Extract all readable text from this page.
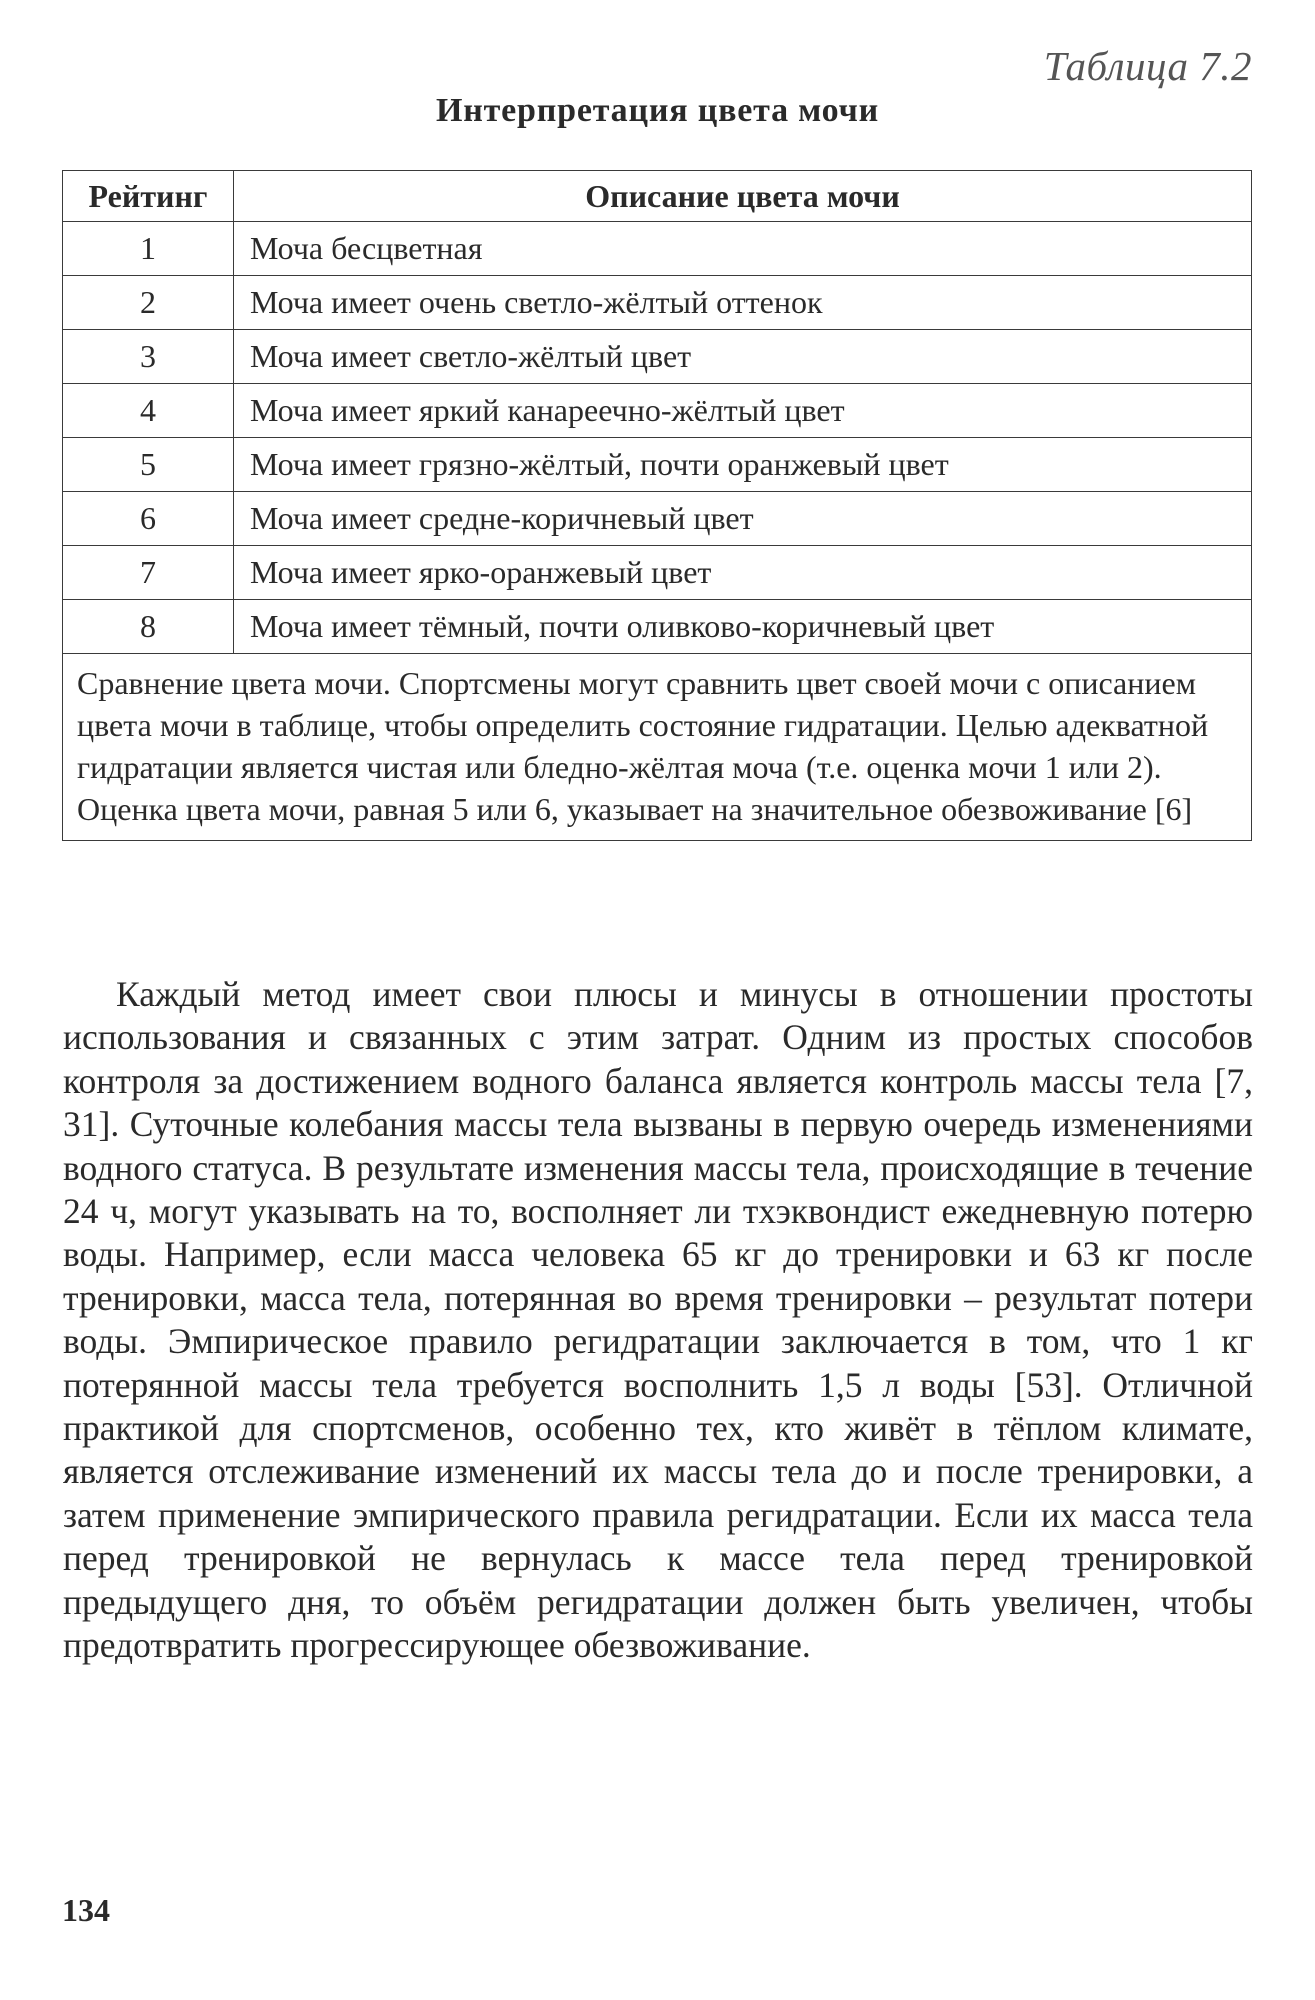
Таблица 7.2
Интерпретация цвета мочи
Рейтинг	Описание цвета мочи
1	Моча бесцветная
2	Моча имеет очень светло-жёлтый оттенок
3	Моча имеет светло-жёлтый цвет
4	Моча имеет яркий канареечно-жёлтый цвет
5	Моча имеет грязно-жёлтый, почти оранжевый цвет
6	Моча имеет средне-коричневый цвет
7	Моча имеет ярко-оранжевый цвет
8	Моча имеет тёмный, почти оливково-коричневый цвет
Сравнение цвета мочи. Спортсмены могут сравнить цвет своей мочи с описанием цвета мочи в таблице, чтобы определить состояние гидратации. Целью адекватной гидратации является чистая или бледно-жёлтая моча (т.е. оценка мочи 1 или 2). Оценка цвета мочи, равная 5 или 6, указывает на значительное обезвоживание [6]	

Каждый метод имеет свои плюсы и минусы в отношении простоты использования и связанных с этим затрат. Одним из простых способов контроля за достижением водного баланса является контроль массы тела [7, 31]. Суточные колебания массы тела вызваны в первую очередь изменениями водного статуса. В результате изменения массы тела, происходящие в течение 24 ч, могут указывать на то, восполняет ли тхэквондист ежедневную потерю воды. Например, если масса человека 65 кг до тренировки и 63 кг после тренировки, масса тела, потерянная во время тренировки – результат потери воды. Эмпирическое правило регидратации заключается в том, что 1 кг потерянной массы тела требуется восполнить 1,5 л воды [53]. Отличной практикой для спортсменов, особенно тех, кто живёт в тёплом климате, является отслеживание изменений их массы тела до и после тренировки, а затем применение эмпирического правила регидратации. Если их масса тела перед тренировкой не вернулась к массе тела перед тренировкой предыдущего дня, то объём регидратации должен быть увеличен, чтобы предотвратить прогрессирующее обезвоживание.

134
